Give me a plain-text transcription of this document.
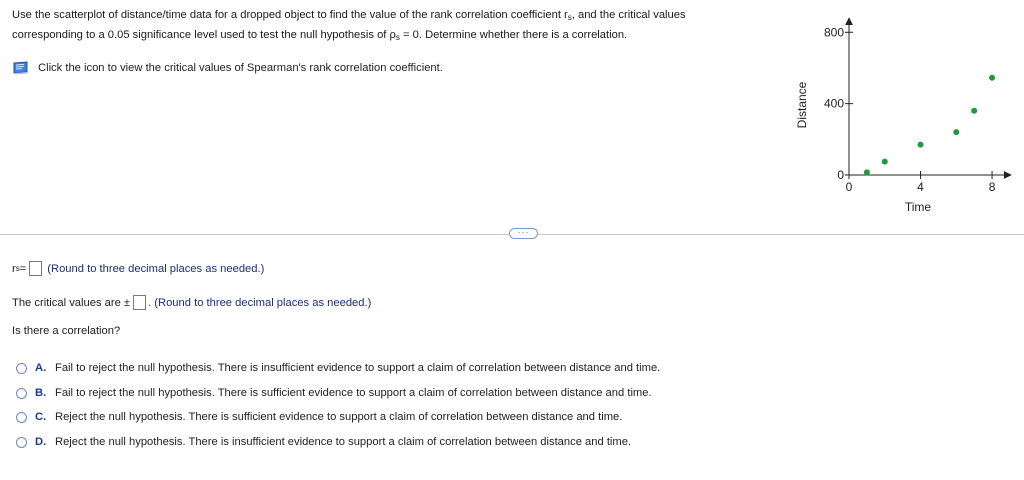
Use the scatterplot of distance/time data for a dropped object to find the value of the rank correlation coefficient $r_s$, and the critical values
corresponding to a 0.05 significance level used to test the null hypothesis of $\rho_s = 0$. Determine whether there is a correlation.
Click the icon to view the critical values of Spearman's rank correlation coefficient.
0	4	8
0
400
800
Time
Distance
···
r s = (Round to three decimal places as needed.)
The critical values are ± . (Round to three decimal places as needed.)
Is there a correlation?
A. Fail to reject the null hypothesis. There is insufficient evidence to support a claim of correlation between distance and time.
B. Fail to reject the null hypothesis. There is sufficient evidence to support a claim of correlation between distance and time.
C. Reject the null hypothesis. There is sufficient evidence to support a claim of correlation between distance and time.
D. Reject the null hypothesis. There is insufficient evidence to support a claim of correlation between distance and time.
